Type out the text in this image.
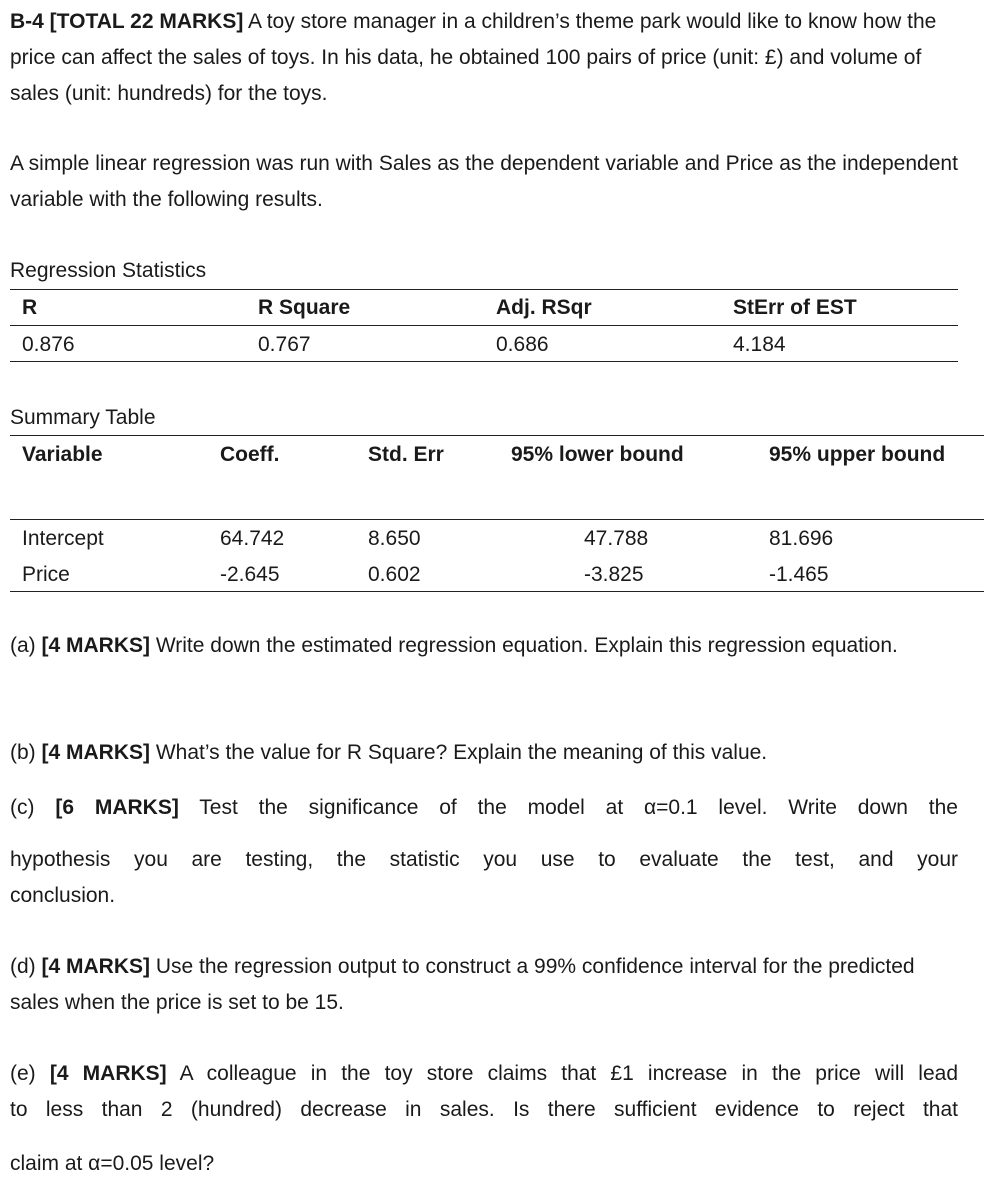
B-4 [TOTAL 22 MARKS] A toy store manager in a children’s theme park would like to know how the price can affect the sales of toys. In his data, he obtained 100 pairs of price (unit: £) and volume of sales (unit: hundreds) for the toys.

A simple linear regression was run with Sales as the dependent variable and Price as the independent variable with the following results.

Regression Statistics

R	R Square	Adj. RSqr	StErr of EST
0.876	0.767	0.686	4.184

Summary Table

Variable	Coeff.	Std. Err	95% lower bound	95% upper bound
Intercept	64.742	8.650	47.788	81.696
Price	-2.645	0.602	-3.825	-1.465

(a) [4 MARKS] Write down the estimated regression equation. Explain this regression equation.

(b) [4 MARKS] What’s the value for R Square? Explain the meaning of this value.

(c) [6 MARKS] Test the significance of the model at α=0.1 level. Write down the

hypothesis you are testing, the statistic you use to evaluate the test, and your

conclusion.

(d) [4 MARKS] Use the regression output to construct a 99% confidence interval for the predicted sales when the price is set to be 15.

(e) [4 MARKS] A colleague in the toy store claims that £1 increase in the price will lead

to less than 2 (hundred) decrease in sales. Is there sufficient evidence to reject that

claim at α=0.05 level?
